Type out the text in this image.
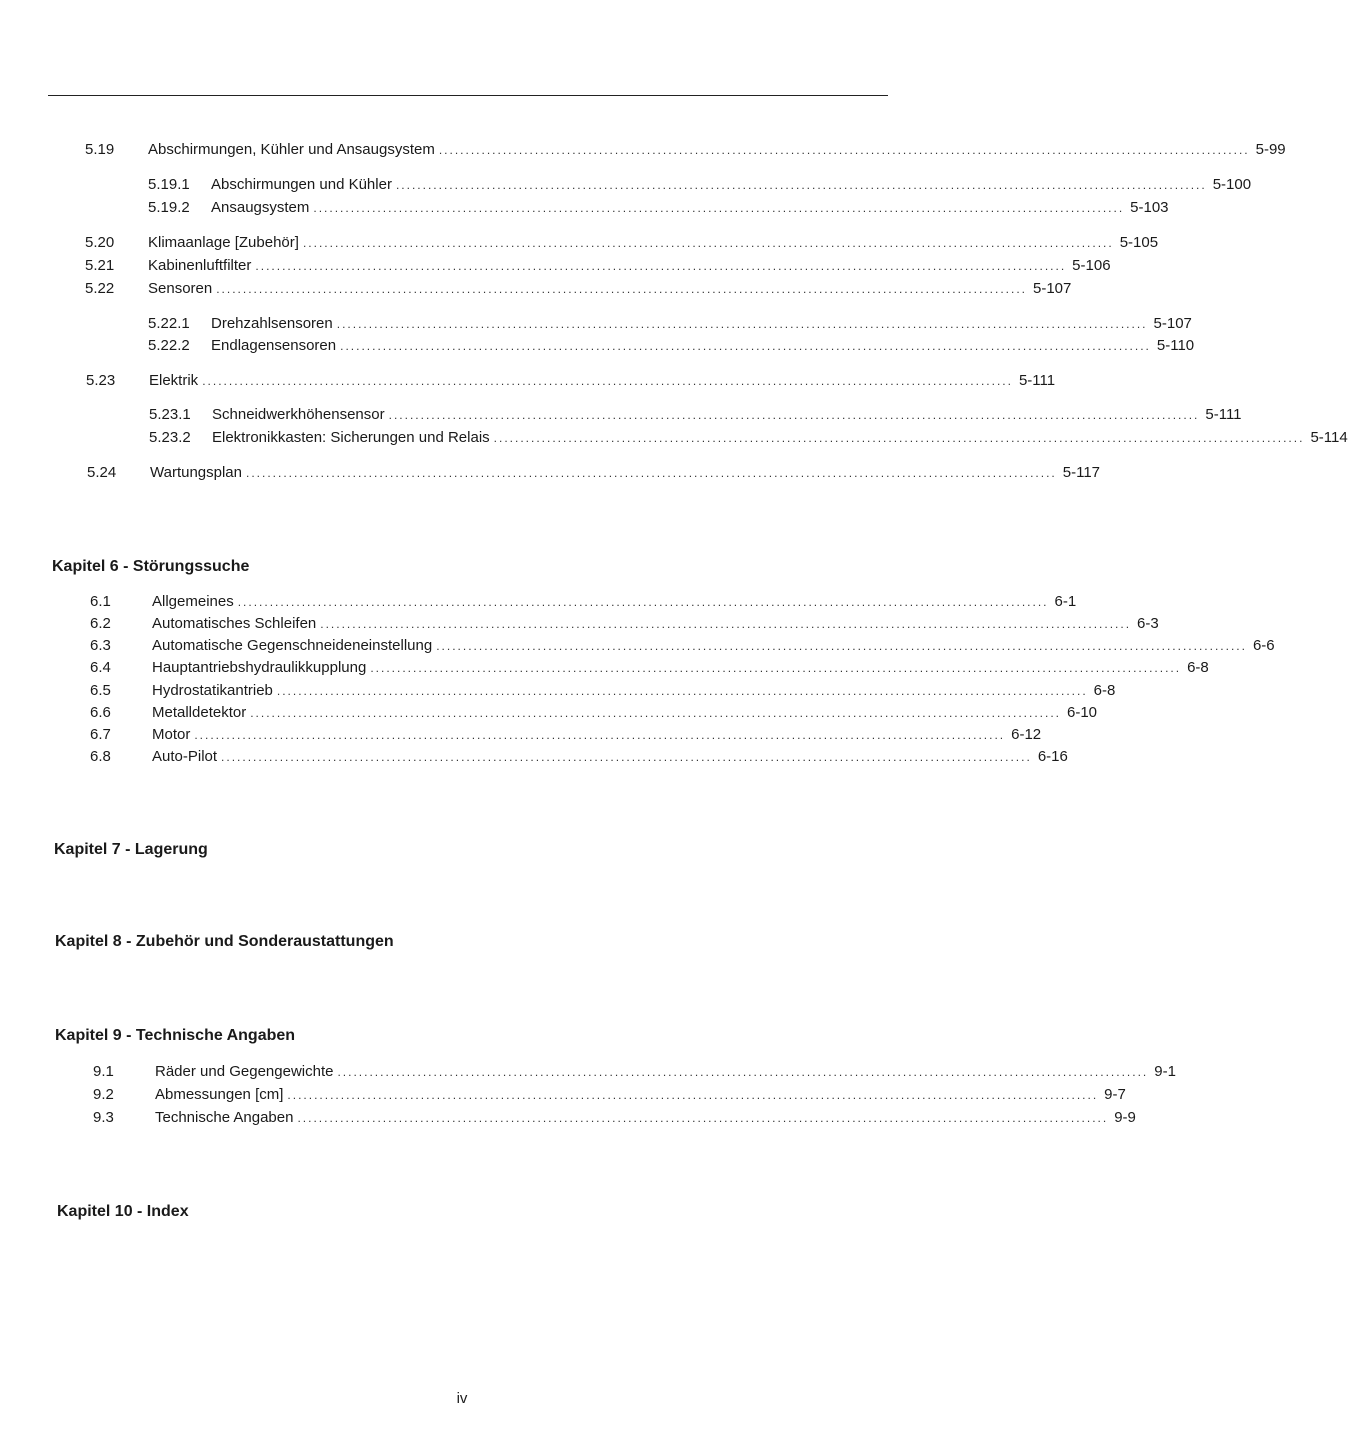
5.19	Abschirmungen, Kühler und Ansaugsystem ........................................................................................................................................................ 5-99
5.19.1	Abschirmungen und Kühler ........................................................................................................................................................ 5-100
5.19.2	Ansaugsystem ........................................................................................................................................................ 5-103
5.20	Klimaanlage [Zubehör] ........................................................................................................................................................ 5-105
5.21	Kabinenluftfilter ........................................................................................................................................................ 5-106
5.22	Sensoren ........................................................................................................................................................ 5-107
5.22.1	Drehzahlsensoren ........................................................................................................................................................ 5-107
5.22.2	Endlagensensoren ........................................................................................................................................................ 5-110
5.23	Elektrik ........................................................................................................................................................ 5-111
5.23.1	Schneidwerkhöhensensor ........................................................................................................................................................ 5-111
5.23.2	Elektronikkasten: Sicherungen und Relais ........................................................................................................................................................ 5-114
5.24	Wartungsplan ........................................................................................................................................................ 5-117
Kapitel 6 - Störungssuche
6.1	Allgemeines ........................................................................................................................................................ 6-1
6.2	Automatisches Schleifen ........................................................................................................................................................ 6-3
6.3	Automatische Gegenschneideneinstellung ........................................................................................................................................................ 6-6
6.4	Hauptantriebshydraulikkupplung ........................................................................................................................................................ 6-8
6.5	Hydrostatikantrieb ........................................................................................................................................................ 6-8
6.6	Metalldetektor ........................................................................................................................................................ 6-10
6.7	Motor ........................................................................................................................................................ 6-12
6.8	Auto-Pilot ........................................................................................................................................................ 6-16
Kapitel 7 - Lagerung
Kapitel 8 - Zubehör und Sonderaustattungen
Kapitel 9 - Technische Angaben
9.1	Räder und Gegengewichte ........................................................................................................................................................ 9-1
9.2	Abmessungen [cm] ........................................................................................................................................................ 9-7
9.3	Technische Angaben ........................................................................................................................................................ 9-9
Kapitel 10 - Index
iv
